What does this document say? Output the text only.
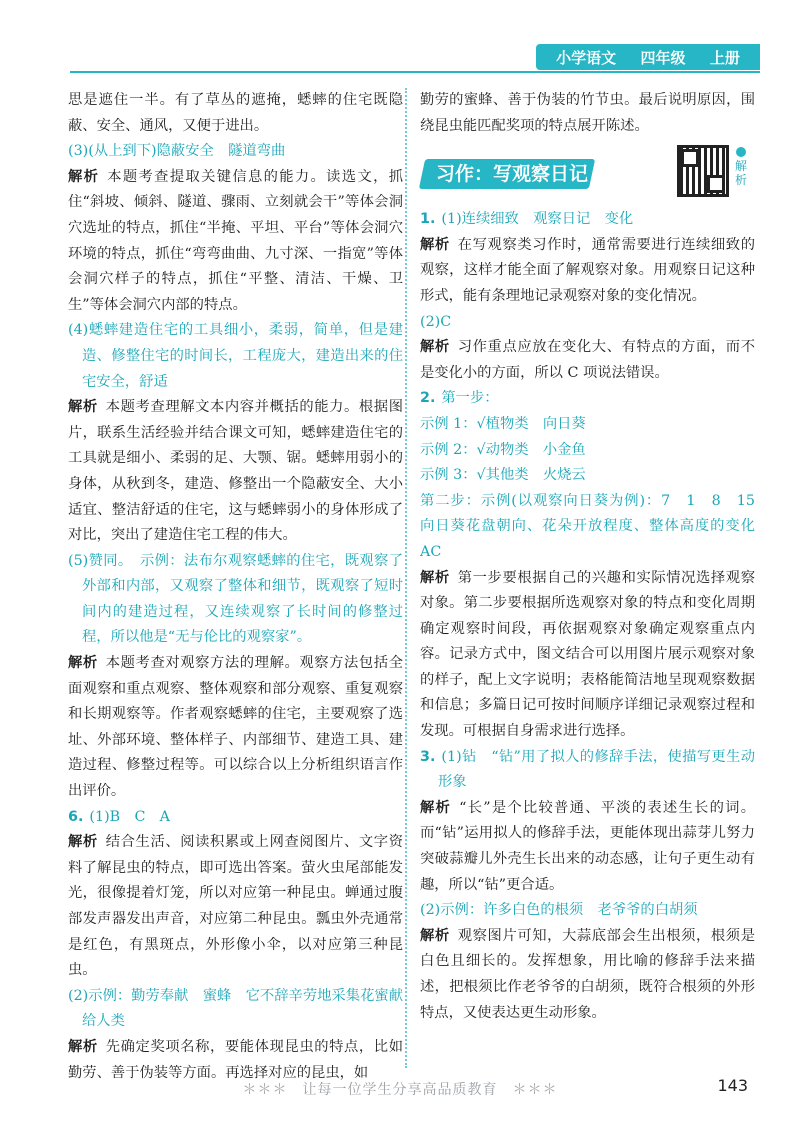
小学语文 四年级 上册

思是遮住一半。有了草丛的遮掩，蟋蟀的住宅既隐蔽、安全、通风，又便于进出。

(3)(从上到下)隐蔽安全　隧道弯曲

解析 本题考查提取关键信息的能力。读选文，抓住“斜坡、倾斜、隧道、骤雨、立刻就会干”等体会洞穴选址的特点，抓住“半掩、平坦、平台”等体会洞穴环境的特点，抓住“弯弯曲曲、九寸深、一指宽”等体会洞穴样子的特点，抓住“平整、清洁、干燥、卫生”等体会洞穴内部的特点。

(4)蟋蟀建造住宅的工具细小，柔弱，简单，但是建造、修整住宅的时间长，工程庞大，建造出来的住宅安全，舒适

解析 本题考查理解文本内容并概括的能力。根据图片，联系生活经验并结合课文可知，蟋蟀建造住宅的工具就是细小、柔弱的足、大颚、锯。蟋蟀用弱小的身体，从秋到冬，建造、修整出一个隐蔽安全、大小适宜、整洁舒适的住宅，这与蟋蟀弱小的身体形成了对比，突出了建造住宅工程的伟大。

(5)赞同。　示例：法布尔观察蟋蟀的住宅，既观察了外部和内部，又观察了整体和细节，既观察了短时间内的建造过程，又连续观察了长时间的修整过程，所以他是“无与伦比的观察家”。

解析 本题考查对观察方法的理解。观察方法包括全面观察和重点观察、整体观察和部分观察、重复观察和长期观察等。作者观察蟋蟀的住宅，主要观察了选址、外部环境、整体样子、内部细节、建造工具、建造过程、修整过程等。可以综合以上分析组织语言作出评价。

6. (1)B　C　A

解析 结合生活、阅读积累或上网查阅图片、文字资料了解昆虫的特点，即可选出答案。萤火虫尾部能发光，很像提着灯笼，所以对应第一种昆虫。蝉通过腹部发声器发出声音，对应第二种昆虫。瓢虫外壳通常是红色，有黑斑点，外形像小伞，以对应第三种昆虫。

(2)示例：勤劳奉献　蜜蜂　它不辞辛劳地采集花蜜献给人类

解析 先确定奖项名称，要能体现昆虫的特点，比如勤劳、善于伪装等方面。再选择对应的昆虫，如

勤劳的蜜蜂、善于伪装的竹节虫。最后说明原因，围绕昆虫能匹配奖项的特点展开陈述。

习作：写观察日记	解析

1. (1)连续细致　观察日记　变化

解析 在写观察类习作时，通常需要进行连续细致的观察，这样才能全面了解观察对象。用观察日记这种形式，能有条理地记录观察对象的变化情况。

(2)C

解析 习作重点应放在变化大、有特点的方面，而不是变化小的方面，所以 C 项说法错误。

2. 第一步：

示例 1：√植物类　向日葵

示例 2：√动物类　小金鱼

示例 3：√其他类　火烧云

第二步：示例(以观察向日葵为例)：7　1　8　15　向日葵花盘朝向、花朵开放程度、整体高度的变化　AC

解析 第一步要根据自己的兴趣和实际情况选择观察对象。第二步要根据所选观察对象的特点和变化周期确定观察时间段，再依据观察对象确定观察重点内容。记录方式中，图文结合可以用图片展示观察对象的样子，配上文字说明；表格能简洁地呈现观察数据和信息；多篇日记可按时间顺序详细记录观察过程和发现。可根据自身需求进行选择。

3. (1)钻　“钻”用了拟人的修辞手法，使描写更生动形象

解析 “长”是个比较普通、平淡的表述生长的词。而“钻”运用拟人的修辞手法，更能体现出蒜芽儿努力突破蒜瓣儿外壳生长出来的动态感，让句子更生动有趣，所以“钻”更合适。

(2)示例：许多白色的根须　老爷爷的白胡须

解析 观察图片可知，大蒜底部会生出根须，根须是白色且细长的。发挥想象，用比喻的修辞手法来描述，把根须比作老爷爷的白胡须，既符合根须的外形特点，又使表达更生动形象。

＊＊＊　让每一位学生分享高品质教育　＊＊＊	143
